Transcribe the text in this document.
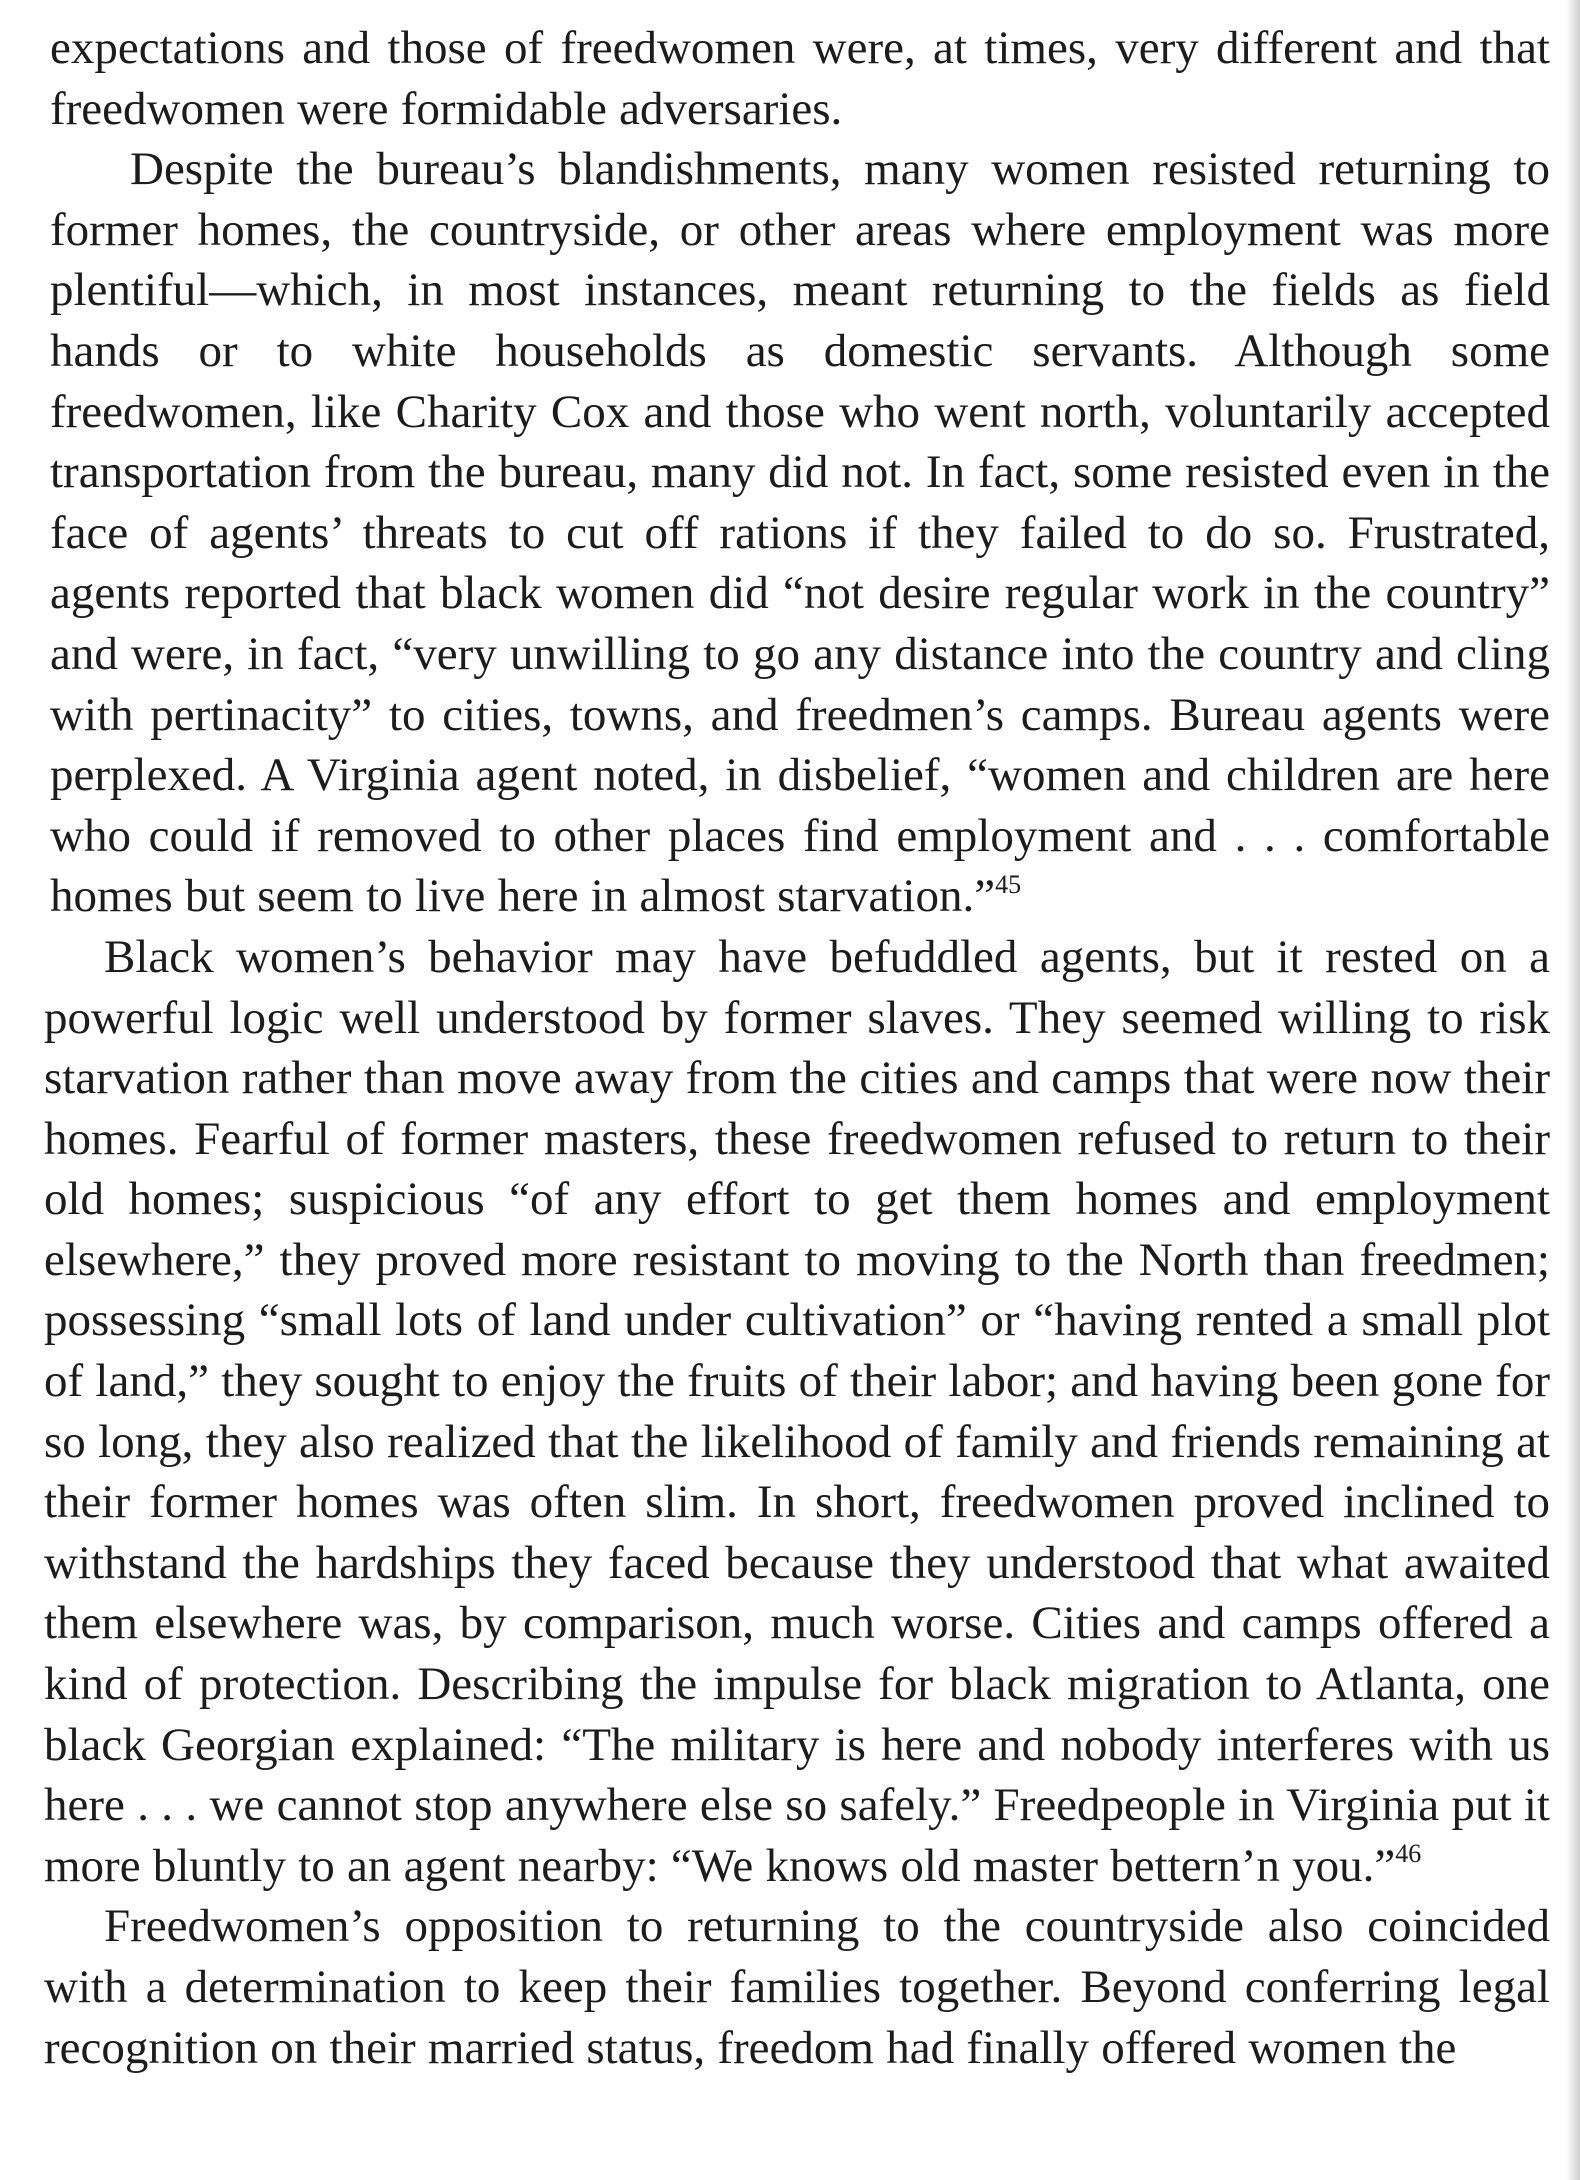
expectations and those of freedwomen were, at times, very different and that freedwomen were formidable adversaries.

Despite the bureau’s blandishments, many women resisted returning to former homes, the countryside, or other areas where employment was more plentiful—which, in most instances, meant returning to the fields as field hands or to white households as domestic servants. Although some freedwomen, like Charity Cox and those who went north, voluntarily accepted transportation from the bureau, many did not. In fact, some resisted even in the face of agents’ threats to cut off rations if they failed to do so. Frustrated, agents reported that black women did “not desire regular work in the country” and were, in fact, “very unwilling to go any distance into the country and cling with pertinacity” to cities, towns, and freedmen’s camps. Bureau agents were perplexed. A Virginia agent noted, in disbelief, “women and children are here who could if removed to other places find employment and . . . comfortable homes but seem to live here in almost starvation.”$^{45}$

Black women’s behavior may have befuddled agents, but it rested on a powerful logic well understood by former slaves. They seemed willing to risk starvation rather than move away from the cities and camps that were now their homes. Fearful of former masters, these freedwomen refused to return to their old homes; suspicious “of any effort to get them homes and employment elsewhere,” they proved more resistant to moving to the North than freedmen; possessing “small lots of land under cultivation” or “having rented a small plot of land,” they sought to enjoy the fruits of their labor; and having been gone for so long, they also realized that the likelihood of family and friends remaining at their former homes was often slim. In short, freedwomen proved inclined to withstand the hardships they faced because they understood that what awaited them elsewhere was, by comparison, much worse. Cities and camps offered a kind of protection. Describing the impulse for black migration to Atlanta, one black Georgian explained: “The military is here and nobody interferes with us here . . . we cannot stop anywhere else so safely.” Freedpeople in Virginia put it more bluntly to an agent nearby: “We knows old master bettern’n you.”$^{46}$

Freedwomen’s opposition to returning to the countryside also coincided with a determination to keep their families together. Beyond conferring legal recognition on their married status, freedom had finally offered women the
